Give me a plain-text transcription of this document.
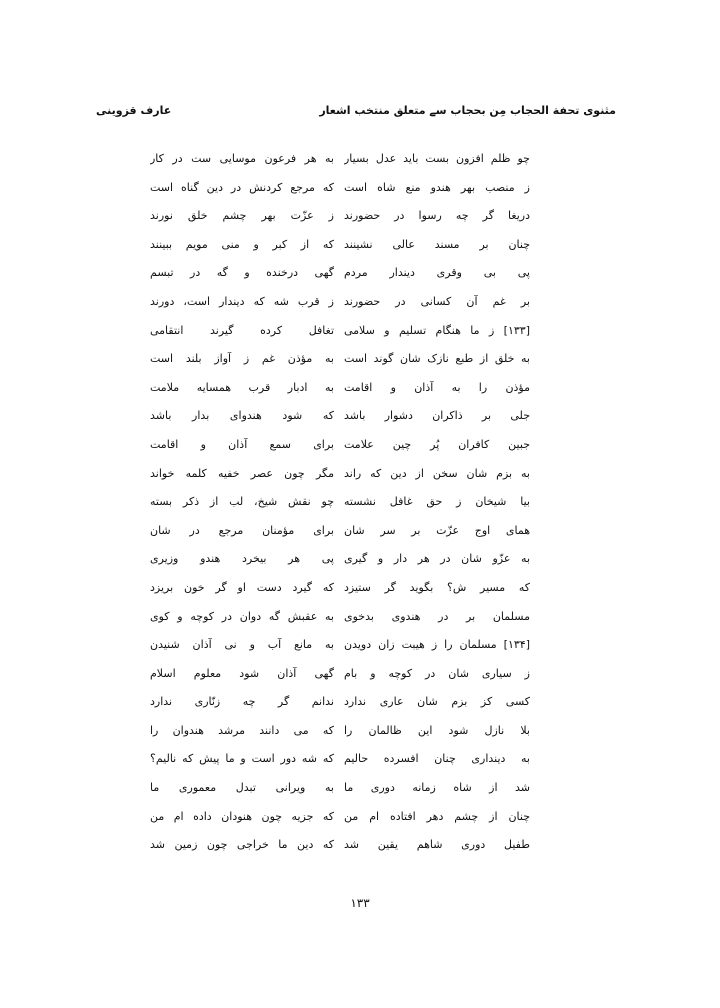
مثنوی تحفة الحجاب مِن بحجاب سے متعلق منتخب اشعار
عارف قزوینی
چو ظلم افزون بست باید عدل بسیار
به هر فرعون موسایی ست در کار
ز منصب بهر هندو منع شاه است
که مرجع کردنش در دین گناه است
دریغا گر چه رسوا در حضورند
ز عزّت بهر چشم خلق نورند
چنان بر مسند عالی نشینند
که از کبر و منی مویم ببینند
پی بی وقری دیندار مردم
گهی درخنده و گه در تبسم
بر غم آن کسانی در حضورند
ز قرب شه که دیندار است، دورند
[۱۳۳] ز ما هنگام تسلیم و سلامی
تغافل کرده گیرند انتقامی
به خلق از طبع نازک شان گوند است
به مؤذن غم ز آواز بلند است
مؤذن را به آذان و اقامت
به ادبار قرب همسایه ملامت
جلی بر ذاکران دشوار باشد
که شود هندوای بدار باشد
جبین کافران پُر چین علامت
برای سمع آذان و اقامت
به بزم شان سخن از دین که راند
مگر چون عصر خفیه کلمه خواند
بیا شیخان ز حق غافل نشسته
چو نقش شیخ، لب از ذکر بسته
همای اوج عزّت بر سر شان
برای مؤمنان مرجع در شان
به عزّو شان در هر دار و گیری
پی هر بیخرد هندو وزیری
که مسیر ش؟ بگوید گر ستیزد
که گیرد دست او گر خون بریزد
مسلمان بر در هندوی بدخوی
به عقبش گه دوان در کوچه و کوی
[۱۳۴] مسلمان را ز هیبت زان دویدن
به مانع آب و نی آذان شنیدن
ز سیاری شان در کوچه و بام
گهی آذان شود معلوم اسلام
کسی کز بزم شان عاری ندارد
ندانم گر چه زنّاری ندارد
بلا نازل شود این ظالمان را
که می دانند مرشد هندوان را
به دینداری چنان افسرده حالیم
که شه دور است و ما پیش که نالیم؟
شد از شاه زمانه دوری ما
به ویرانی تبدل معموری ما
چنان از چشم دهر افتاده ام من
که جزیه چون هنودان داده ام من
طفیل دوری شاهم یقین شد
که دین ما خراجی چون زمین شد
۱۳۳
